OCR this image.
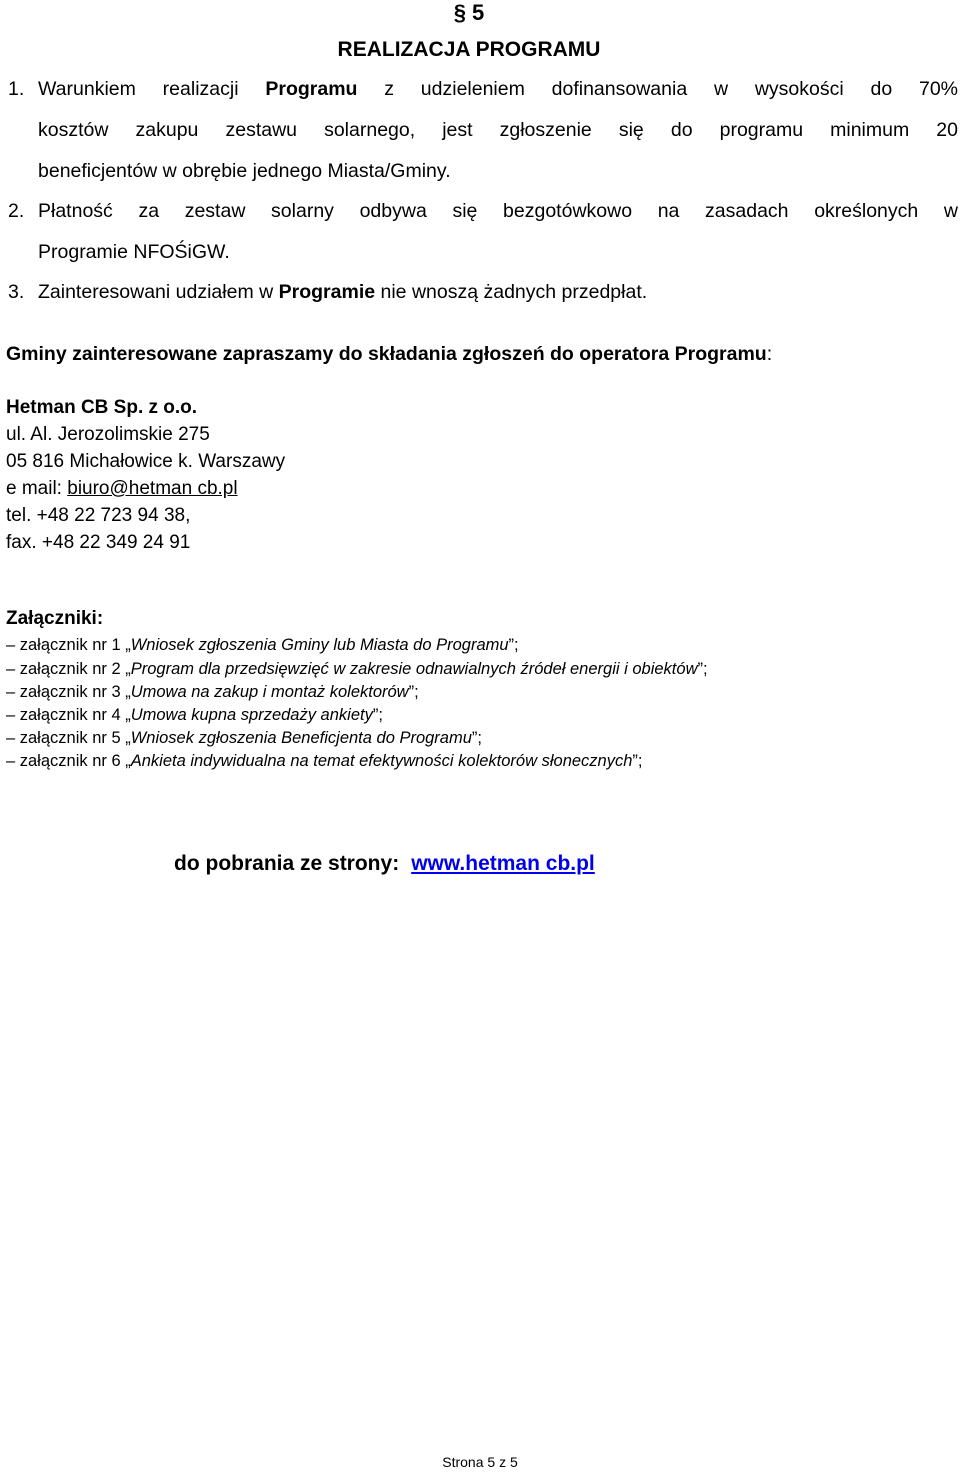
§ 5
REALIZACJA PROGRAMU
1. Warunkiem realizacji Programu z udzieleniem dofinansowania w wysokości do 70%
kosztów zakupu zestawu solarnego, jest zgłoszenie się do programu minimum 20
beneficjentów w obrębie jednego Miasta/Gminy.
2. Płatność za zestaw solarny odbywa się bezgotówkowo na zasadach określonych w
Programie NFOŚiGW.
3. Zainteresowani udziałem w Programie nie wnoszą żadnych przedpłat.
Gminy zainteresowane zapraszamy do składania zgłoszeń do operatora Programu:
Hetman CB Sp. z o.o.
ul. Al. Jerozolimskie 275
05 816 Michałowice k. Warszawy
e mail: biuro@hetman cb.pl
tel. +48 22 723 94 38,
fax. +48 22 349 24 91
Załączniki:
– załącznik nr 1 „Wniosek zgłoszenia Gminy lub Miasta do Programu”;
– załącznik nr 2 „Program dla przedsięwzięć w zakresie odnawialnych źródeł energii i obiektów”;
– załącznik nr 3 „Umowa na zakup i montaż kolektorów”;
– załącznik nr 4 „Umowa kupna sprzedaży ankiety”;
– załącznik nr 5 „Wniosek zgłoszenia Beneficjenta do Programu”;
– załącznik nr 6 „Ankieta indywidualna na temat efektywności kolektorów słonecznych”;
do pobrania ze strony: www.hetman cb.pl
Strona 5 z 5
